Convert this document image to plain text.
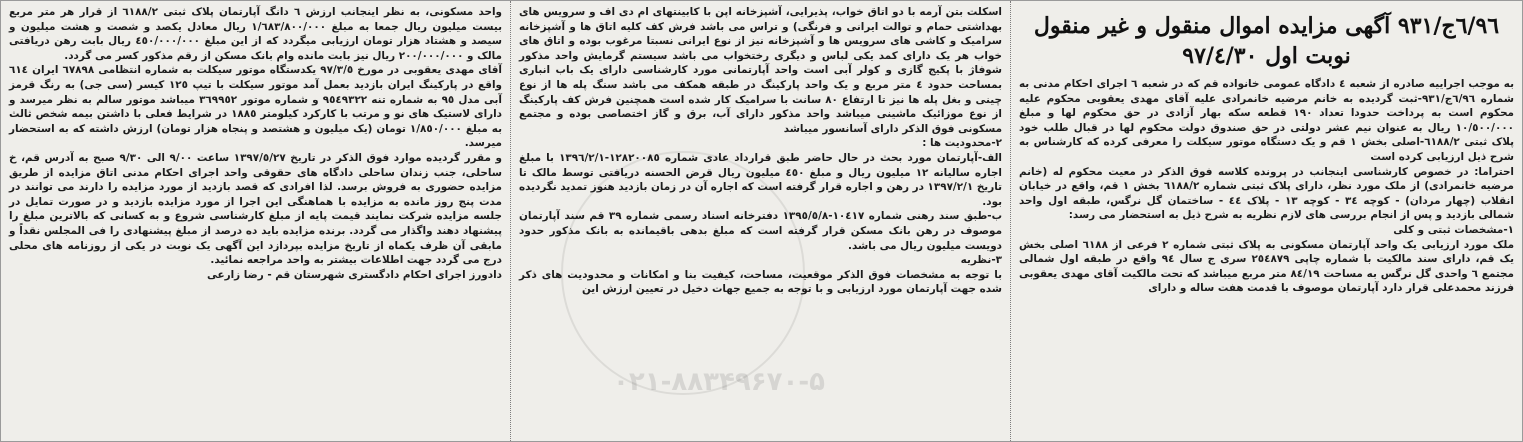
٦/٩٦ج/٩٣١ آگهی مزایده اموال منقول و غیر منقول نوبت اول ٩٧/٤/٣٠

به موجب اجراییه صادره از شعبه ٤ دادگاه عمومی خانواده قم که در شعبه ٦ اجرای احکام مدنی به شماره ٦/٩٦ج/٩٣١-ثبت گردیده به خانم مرضیه خانمرادی علیه آقای مهدی یعقوبی محکوم علیه محکوم است به پرداخت حدودا تعداد ١٩٠ قطعه سکه بهار آزادی در حق محکوم لها و مبلغ ١٠/٥٠٠/٠٠٠ ریال به عنوان نیم عشر دولتی در حق صندوق دولت محکوم لها در قبال طلب خود پلاک ثبتی ٦١٨٨/٢-اصلی بخش ١ قم و یک دستگاه موتور سیکلت را معرفی کرده که کارشناس به شرح ذیل ارزیابی کرده است

احتراما: در خصوص کارشناسی اینجانب در پرونده کلاسه فوق الذکر در معیت محکوم له (خانم مرضیه خانمرادی) از ملک مورد نظر، دارای پلاک ثبتی شماره ٦١٨٨/٢ بخش ١ قم، واقع در خیابان انقلاب (چهار مردان) - کوچه ٣٤ - کوچه ١٣ - پلاک ٤٤ - ساختمان گل نرگس، طبقه اول واحد شمالی بازدید و پس از انجام بررسی های لازم نظریه به شرح ذیل به استحضار می رسد:

١-مشخصات ثبتی و کلی

ملک مورد ارزیابی یک واحد آپارتمان مسکونی به پلاک ثبتی شماره ٢ فرعی از ٦١٨٨ اصلی بخش یک قم، دارای سند مالکیت با شماره چاپی ٢٥٤٨٧٩ سری ج سال ٩٤ واقع در طبقه اول شمالی مجتمع ٦ واحدی گل نرگس به مساحت ٨٤/١٩ متر مربع میباشد که تحت مالکیت آقای مهدی یعقوبی فرزند محمدعلی قرار دارد آپارتمان موصوف با قدمت هفت ساله و دارای

اسکلت بتن آرمه با دو اتاق خواب، پذیرایی، آشپزخانه اپن با کابینتهای ام دی اف و سرویس های بهداشتی حمام و توالت ایرانی و فرنگی) و تراس می باشد فرش کف کلیه اتاق ها و آشپزخانه سرامیک و کاشی های سرویس ها و آشپزخانه نیز از نوع ایرانی نسبتا مرغوب بوده و اتاق های خواب هر یک دارای کمد یکی لباس و دیگری رختخواب می باشد سیستم گرمایش واحد مذکور شوفاژ با پکیج گازی و کولر آبی است واحد آپارتمانی مورد کارشناسی دارای یک باب انباری بمساحت حدود ٤ متر مربع و یک واحد پارکینگ در طبقه همکف می باشد سنگ پله ها از نوع چینی و بغل پله ها نیز تا ارتفاع ٨٠ سانت با سرامیک کار شده است همچنین فرش کف پارکینگ از نوع موزائیک ماشینی میباشد واحد مذکور دارای آب، برق و گاز اختصاصی بوده و مجتمع مسکونی فوق الذکر دارای آسانسور میباشد

٢-محدودیت ها :

الف-آپارتمان مورد بحث در حال حاضر طبق قرارداد عادی شماره ١٢٨٢٠٠٨٥-١٣٩٦/٢/١ با مبلغ اجاره سالیانه ١٢ میلیون ریال و مبلغ ٤٥٠ میلیون ریال قرض الحسنه دریافتی توسط مالک تا تاریخ ١٣٩٧/٢/١ در رهن و اجاره قرار گرفته است که اجاره آن در زمان بازدید هنوز تمدید نگردیده بود.

ب-طبق سند رهنی شماره ١٠٤١٧-١٣٩٥/٥/٨ دفترخانه اسناد رسمی شماره ٣٩ قم سند آپارتمان موصوف در رهن بانک مسکن قرار گرفته است که مبلغ بدهی باقیمانده به بانک مذکور حدود دویست میلیون ریال می باشد.

٣-نظریه

با توجه به مشخصات فوق الذکر موقعیت، مساحت، کیفیت بنا و امکانات و محدودیت های ذکر شده جهت آپارتمان مورد ارزیابی و با توجه به جمیع جهات دخیل در تعیین ارزش این

واحد مسکونی، به نظر اینجانب ارزش ٦ دانگ آپارتمان پلاک ثبتی ٦١٨٨/٢ از قرار هر متر مربع بیست میلیون ریال جمعا به مبلغ ١/٦٨٣/٨٠٠/٠٠٠ ریال معادل یکصد و شصت و هشت میلیون و سیصد و هشتاد هزار تومان ارزیابی میگردد که از این مبلغ ٤٥٠/٠٠٠/٠٠٠ ریال بابت رهن دریافتی مالک و ٢٠٠/٠٠٠/٠٠٠ ریال نیز بابت مانده وام بانک مسکن از رقم مذکور کسر می گردد.

آقای مهدی یعقوبی در مورخ ٩٧/٣/٥ یکدستگاه موتور سیکلت به شماره انتظامی ٦٧٨٩٨ ایران ٦١٤ واقع در پارکینگ ایران بازدید بعمل آمد موتور سیکلت با تیپ ١٢٥ کیسر (سی جی) به رنگ قرمز آبی مدل ٩٥ به شماره تنه ٩٥٤٩٣٢٢ و شماره موتور ٣٦٩٩٥٢ میباشد موتور سالم به نظر میرسد و دارای لاستیک های نو و مرتب با کارکرد کیلومتر ١٨٨٥ در شرایط فعلی با داشتن بیمه شخص ثالث به مبلغ ١/٨٥٠/٠٠٠ تومان (یک میلیون و هشتصد و پنجاه هزار تومان) ارزش داشته که به استحضار میرسد.

و مقرر گردیده موارد فوق الذکر در تاریخ ١٣٩٧/٥/٢٧ ساعت ٩/٠٠ الی ٩/٣٠ صبح به آدرس قم، خ ساحلی، جنب زندان ساحلی دادگاه های حقوقی واحد اجرای احکام مدنی اتاق مزایده از طریق مزایده حضوری به فروش برسد. لذا افرادی که قصد بازدید از مورد مزایده را دارند می توانند در مدت پنج روز مانده به مزایده با هماهنگی این اجرا از مورد مزایده بازدید و در صورت تمایل در جلسه مزایده شرکت نمایند قیمت پایه از مبلغ کارشناسی شروع و به کسانی که بالاترین مبلغ را پیشنهاد دهند واگذار می گردد. برنده مزایده باید ده درصد از مبلغ پیشنهادی را فی المجلس نقداً و مابقی آن ظرف یکماه از تاریخ مزایده بپردازد این آگهی یک نوبت در یکی از روزنامه های محلی درج می گردد جهت اطلاعات بیشتر به واحد مراجعه نمائید.

دادورز اجرای احکام دادگستری شهرستان قم - رضا زارعی

۰۲۱-۸۸۳۴۹۶۷۰-۵
